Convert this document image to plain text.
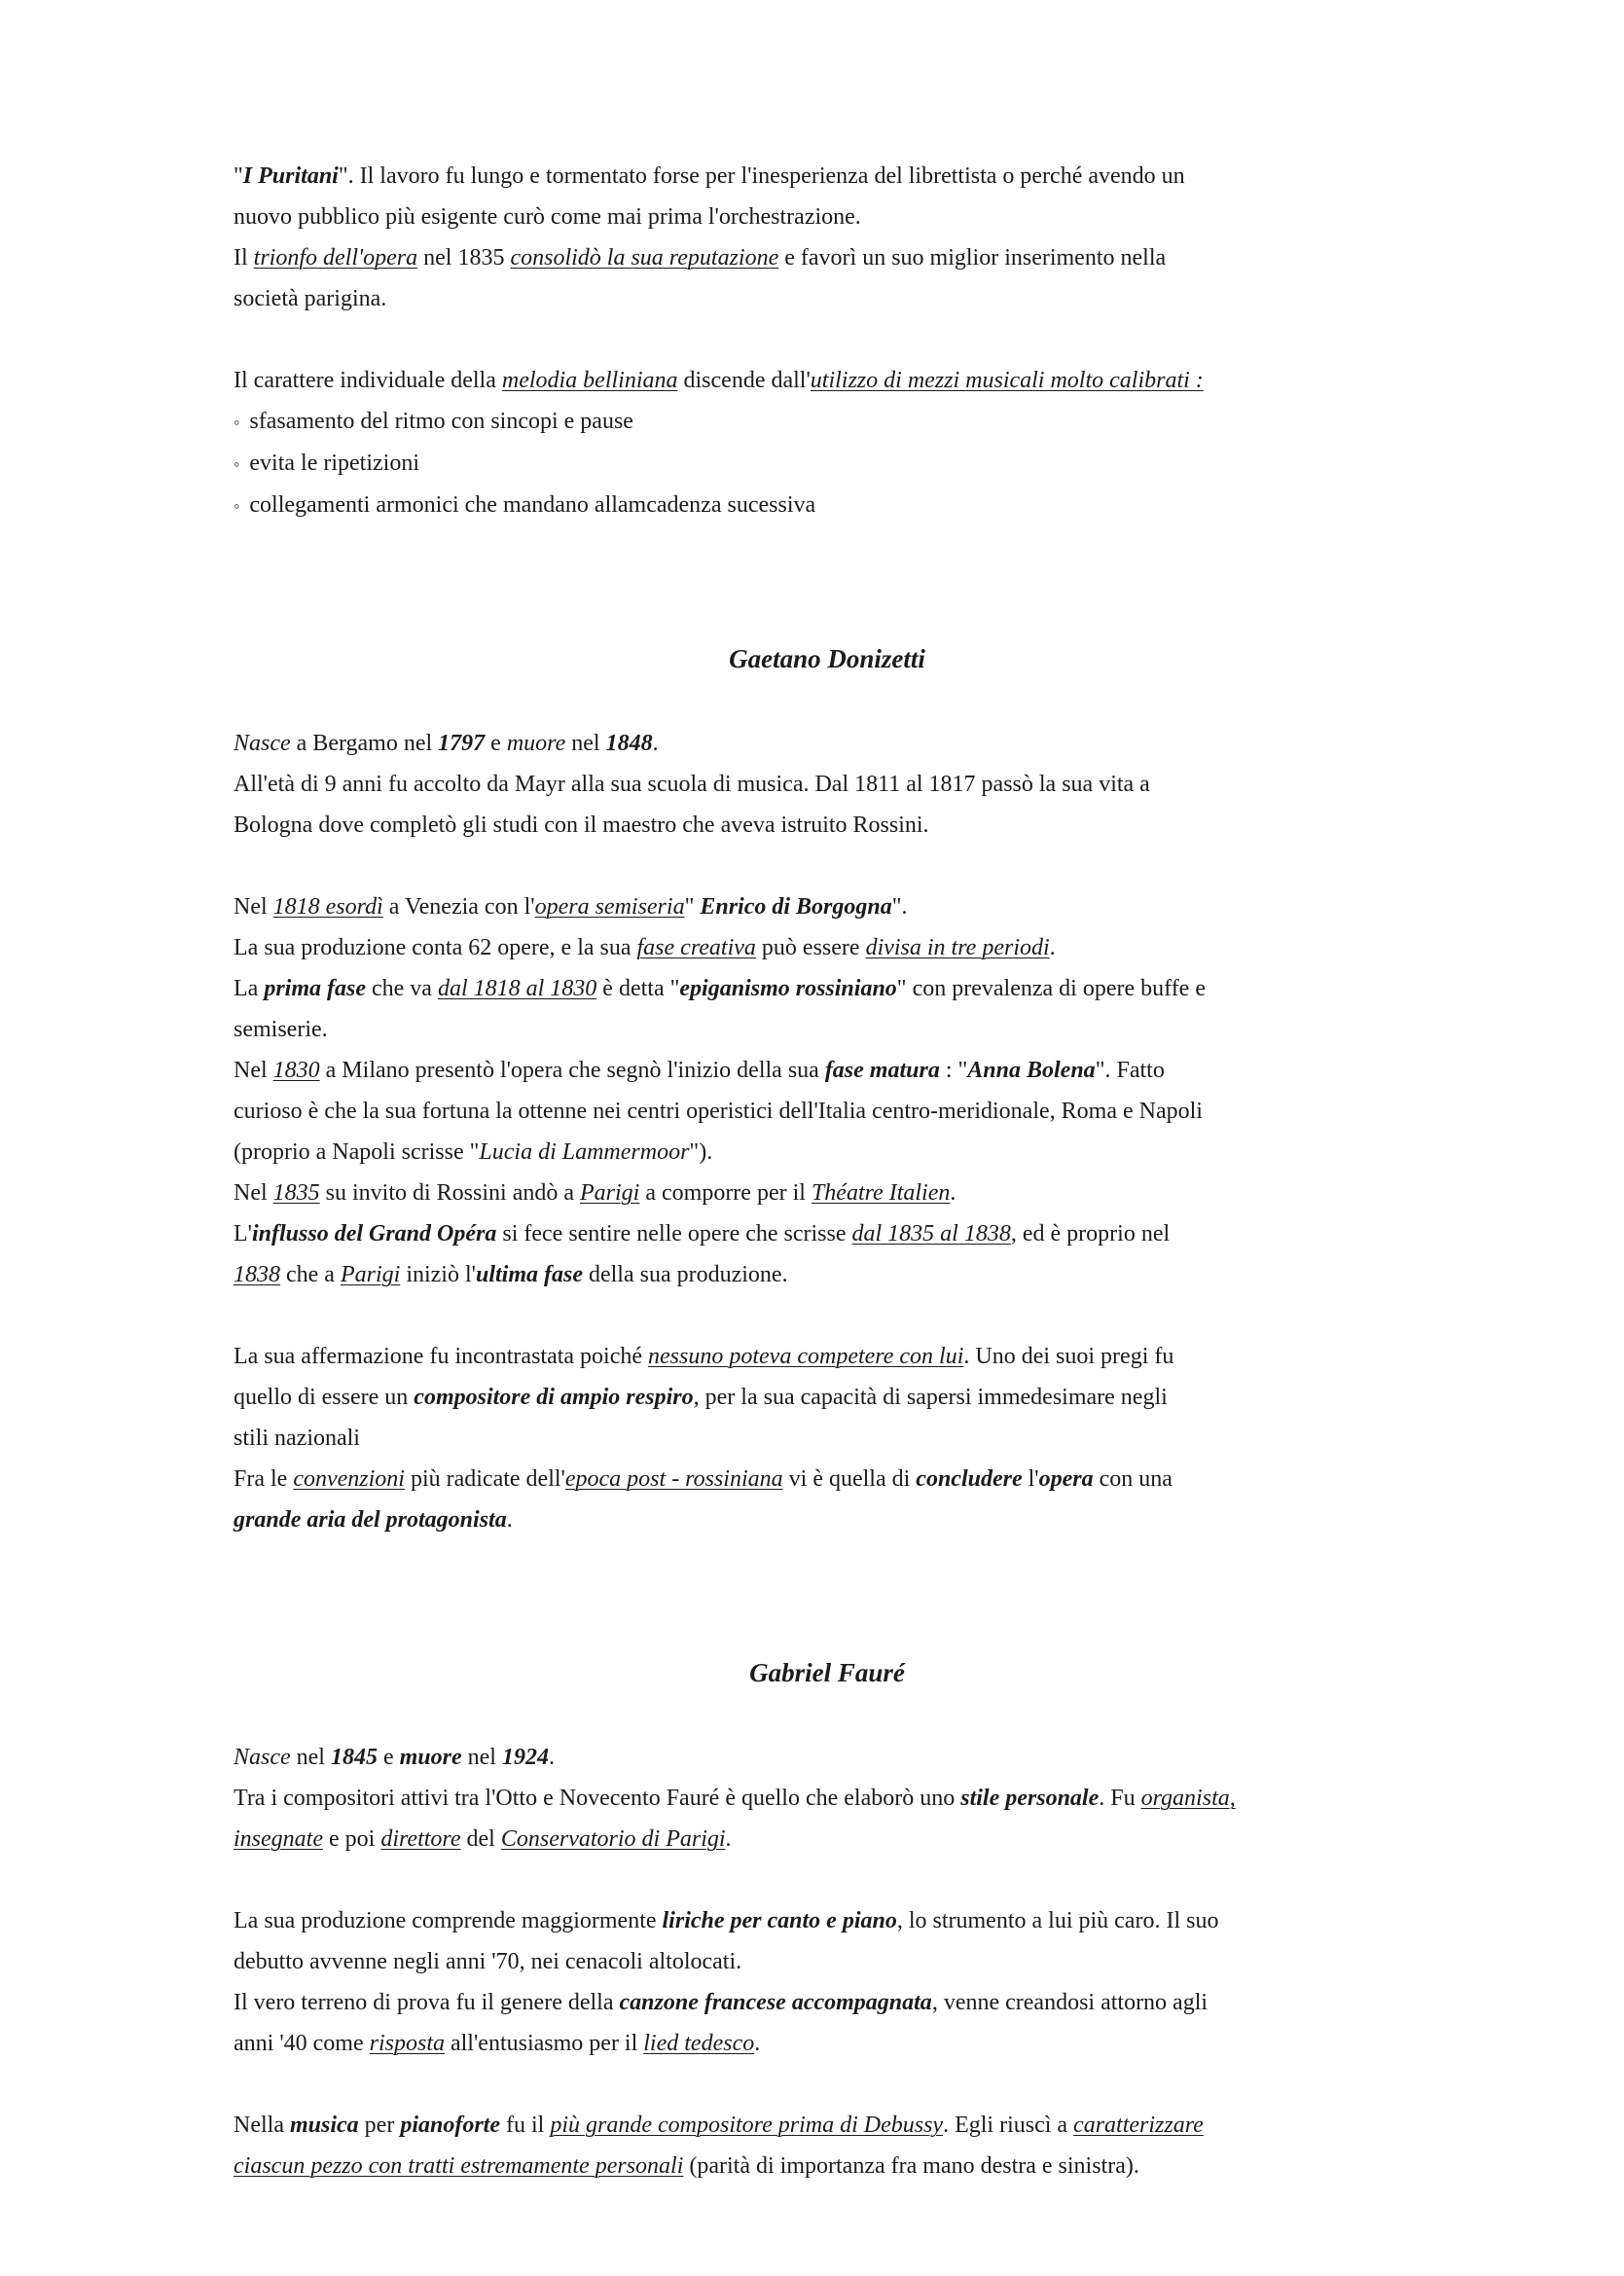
"I Puritani". Il lavoro fu lungo e tormentato forse per l'inesperienza del librettista o perché avendo un

nuovo pubblico più esigente curò come mai prima l'orchestrazione.

Il trionfo dell'opera nel 1835 consolidò la sua reputazione e favorì un suo miglior inserimento nella

società parigina.

Il carattere individuale della melodia belliniana discende dall'utilizzo di mezzi musicali molto calibrati :

◦ sfasamento del ritmo con sincopi e pause

◦ evita le ripetizioni

◦ collegamenti armonici che mandano allamcadenza sucessiva

Gaetano Donizetti

Nasce a Bergamo nel 1797 e muore nel 1848.

All'età di 9 anni fu accolto da Mayr alla sua scuola di musica. Dal 1811 al 1817 passò la sua vita a

Bologna dove completò gli studi con il maestro che aveva istruito Rossini.

Nel 1818 esordì a Venezia con l'opera semiseria" Enrico di Borgogna".

La sua produzione conta 62 opere, e la sua fase creativa può essere divisa in tre periodi.

La prima fase che va dal 1818 al 1830 è detta "epiganismo rossiniano" con prevalenza di opere buffe e

semiserie.

Nel 1830 a Milano presentò l'opera che segnò l'inizio della sua fase matura : "Anna Bolena". Fatto

curioso è che la sua fortuna la ottenne nei centri operistici dell'Italia centro-meridionale, Roma e Napoli

(proprio a Napoli scrisse "Lucia di Lammermoor").

Nel 1835 su invito di Rossini andò a Parigi a comporre per il Théatre Italien.

L'influsso del Grand Opéra si fece sentire nelle opere che scrisse dal 1835 al 1838, ed è proprio nel

1838 che a Parigi iniziò l'ultima fase della sua produzione.

La sua affermazione fu incontrastata poiché nessuno poteva competere con lui. Uno dei suoi pregi fu

quello di essere un compositore di ampio respiro, per la sua capacità di sapersi immedesimare negli

stili nazionali

Fra le convenzioni più radicate dell'epoca post - rossiniana vi è quella di concludere l'opera con una

grande aria del protagonista.

Gabriel Fauré

Nasce nel 1845 e muore nel 1924.

Tra i compositori attivi tra l'Otto e Novecento Fauré è quello che elaborò uno stile personale. Fu organista,

insegnate e poi direttore del Conservatorio di Parigi.

La sua produzione comprende maggiormente liriche per canto e piano, lo strumento a lui più caro. Il suo

debutto avvenne negli anni '70, nei cenacoli altolocati.

Il vero terreno di prova fu il genere della canzone francese accompagnata, venne creandosi attorno agli

anni '40 come risposta all'entusiasmo per il lied tedesco.

Nella musica per pianoforte fu il più grande compositore prima di Debussy. Egli riuscì a caratterizzare

ciascun pezzo con tratti estremamente personali (parità di importanza fra mano destra e sinistra).
